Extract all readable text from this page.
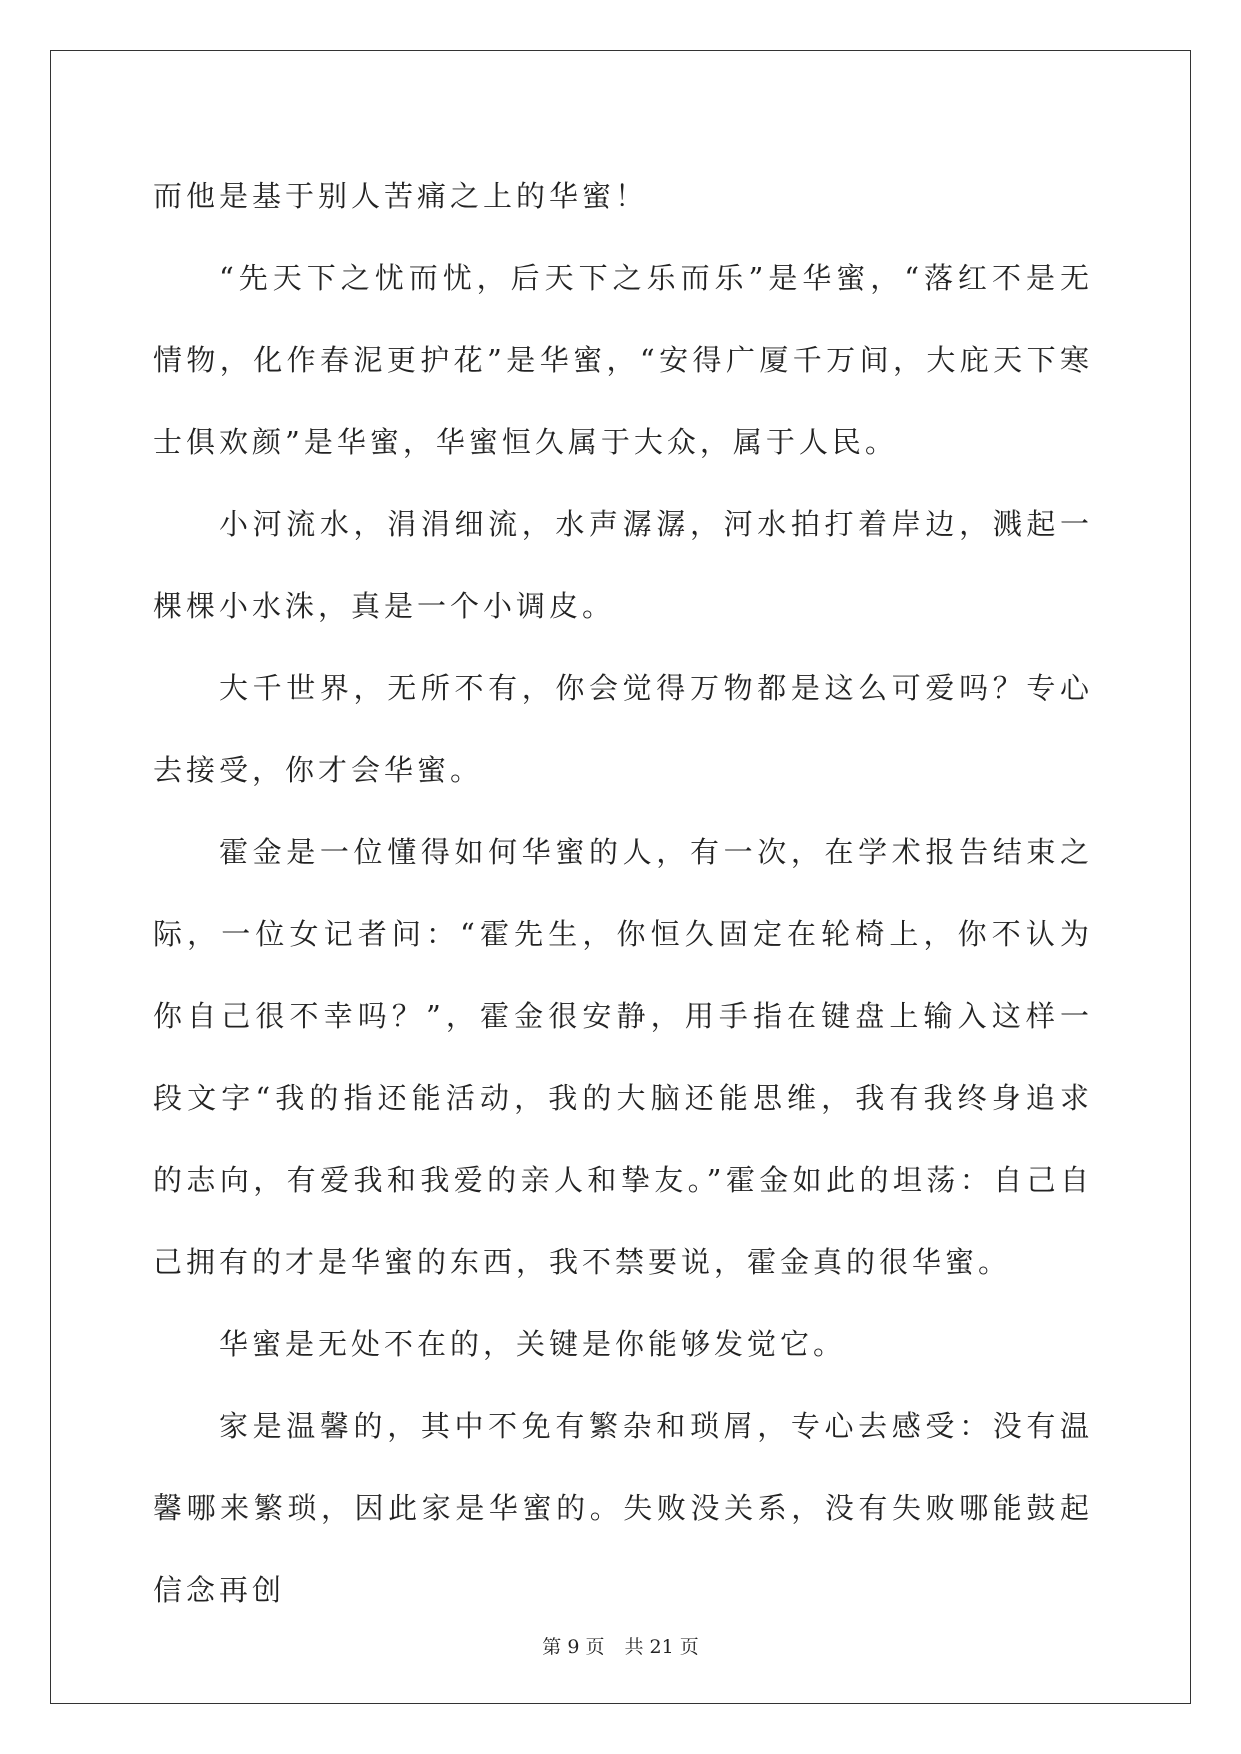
而他是基于别人苦痛之上的华蜜！

“先天下之忧而忧，后天下之乐而乐”是华蜜，“落红不是无情物，化作春泥更护花”是华蜜，“安得广厦千万间，大庇天下寒士俱欢颜”是华蜜，华蜜恒久属于大众，属于人民。

小河流水，涓涓细流，水声潺潺，河水拍打着岸边，溅起一棵棵小水洙，真是一个小调皮。

大千世界，无所不有，你会觉得万物都是这么可爱吗？专心去接受，你才会华蜜。

霍金是一位懂得如何华蜜的人，有一次，在学术报告结束之际，一位女记者问：“霍先生，你恒久固定在轮椅上，你不认为你自己很不幸吗？”，霍金很安静，用手指在键盘上输入这样一段文字“我的指还能活动，我的大脑还能思维，我有我终身追求的志向，有爱我和我爱的亲人和挚友。”霍金如此的坦荡：自己自己拥有的才是华蜜的东西，我不禁要说，霍金真的很华蜜。

华蜜是无处不在的，关键是你能够发觉它。

家是温馨的，其中不免有繁杂和琐屑，专心去感受：没有温馨哪来繁琐，因此家是华蜜的。失败没关系，没有失败哪能鼓起信念再创

第 9 页 共 21 页
